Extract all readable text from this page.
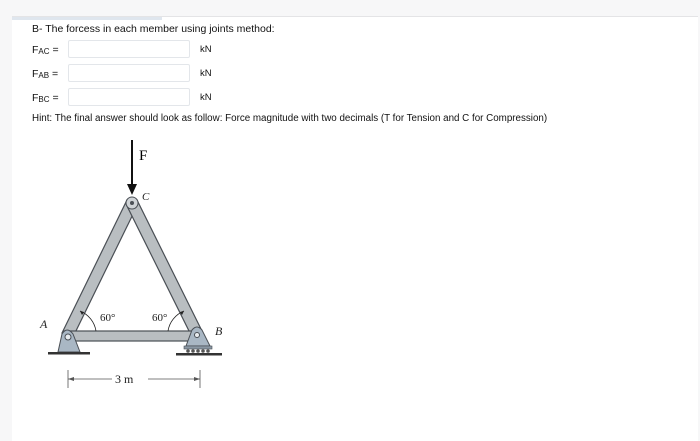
B- The forcess in each member using joints method:
$F_{AC}$ =	kN
$F_{AB}$ =	kN
$F_{BC}$ =	kN
Hint: The final answer should look as follow: Force magnitude with two decimals (T for Tension and C for Compression)
F
C
A	B
60°	60°
3 m
